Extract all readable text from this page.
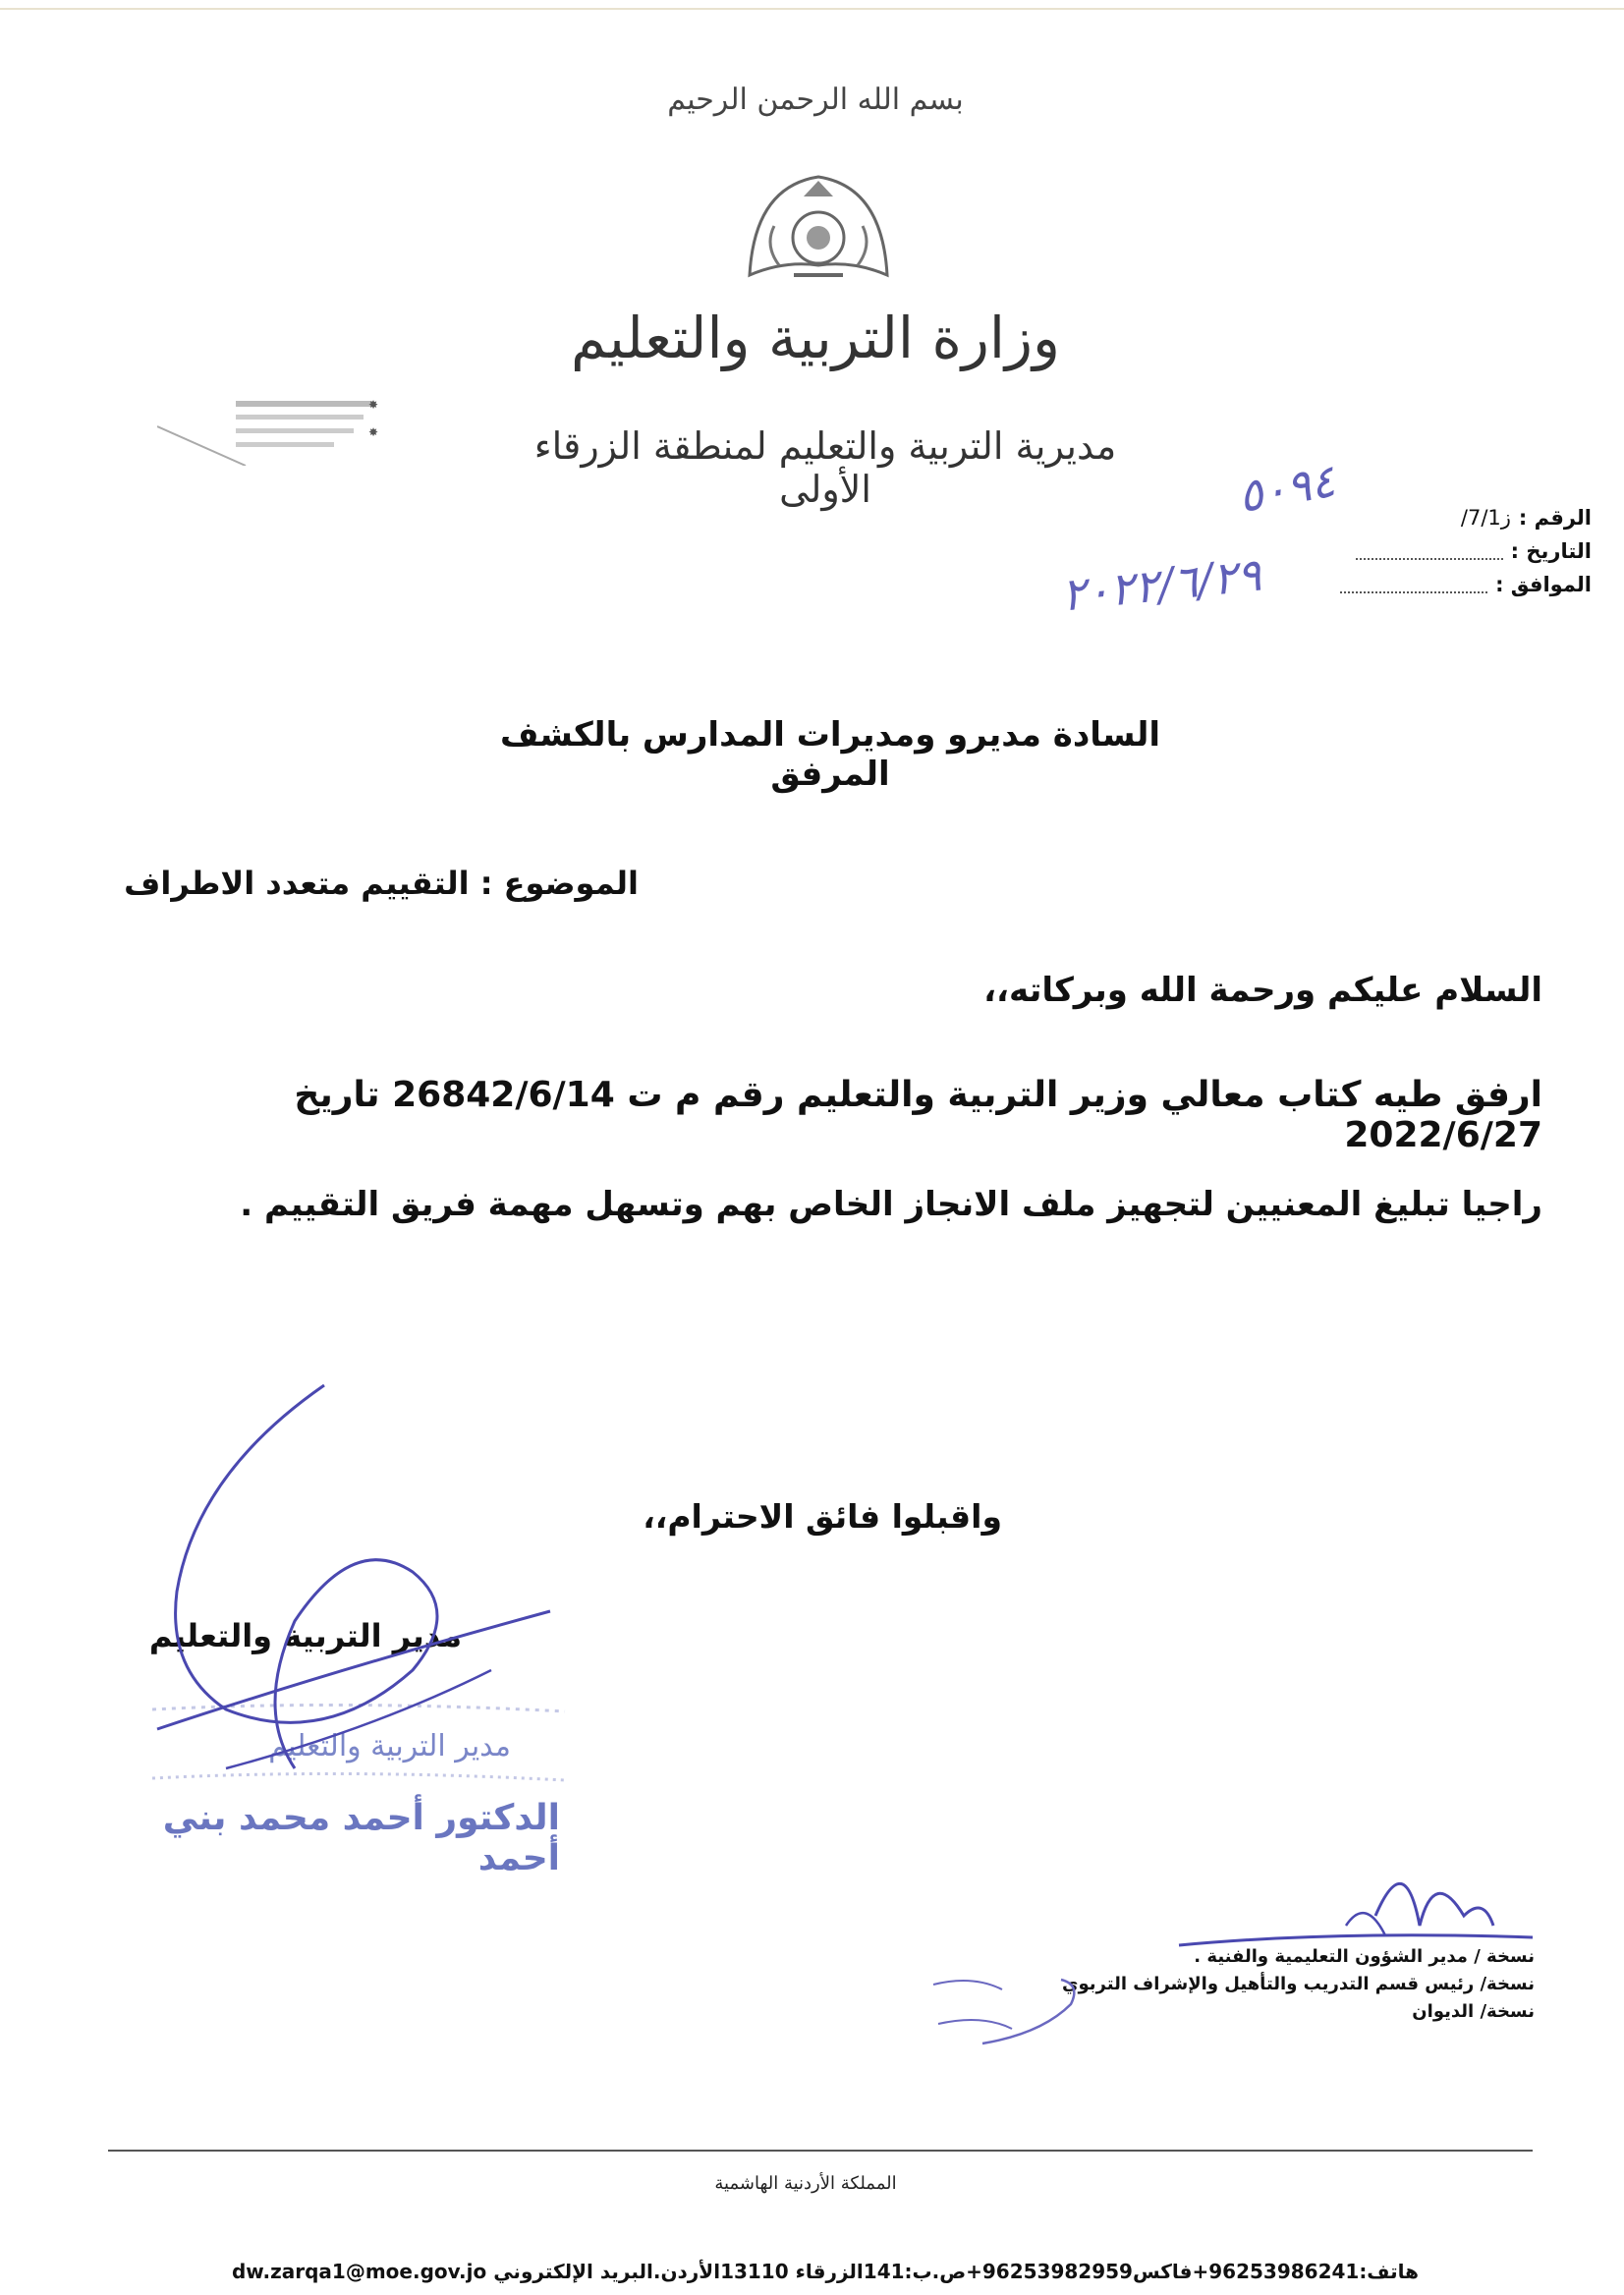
بسم الله الرحمن الرحيم
وزارة التربية والتعليم
مديرية التربية والتعليم لمنطقة الزرقاء الأولى
✸
✸
الرقم :
ز7/1/
التاريخ :
الموافق :
٥٠٩٤
٢٠٢٢/٦/٢٩
السادة مديرو ومديرات المدارس بالكشف المرفق
الموضوع : التقييم متعدد الاطراف
السلام عليكم ورحمة الله وبركاته،،
ارفق طيه كتاب معالي وزير التربية والتعليم رقم م ت 26842/6/14 تاريخ 2022/6/27
راجيا تبليغ المعنيين لتجهيز ملف الانجاز الخاص بهم وتسهل مهمة فريق التقييم .
واقبلوا فائق الاحترام،،
مدير التربية والتعليم
مدير التربية والتعليم
الدكتور أحمد محمد بني أحمد
نسخة / مدير الشؤون التعليمية والفنية .
نسخة/ رئيس قسم التدريب والتأهيل والإشراف التربوي
نسخة/ الديوان
المملكة الأردنية الهاشمية
هاتف:96253986241+فاكس96253982959+ص.ب:141الزرقاء 13110الأردن.البريد الإلكتروني dw.zarqa1@moe.gov.jo
